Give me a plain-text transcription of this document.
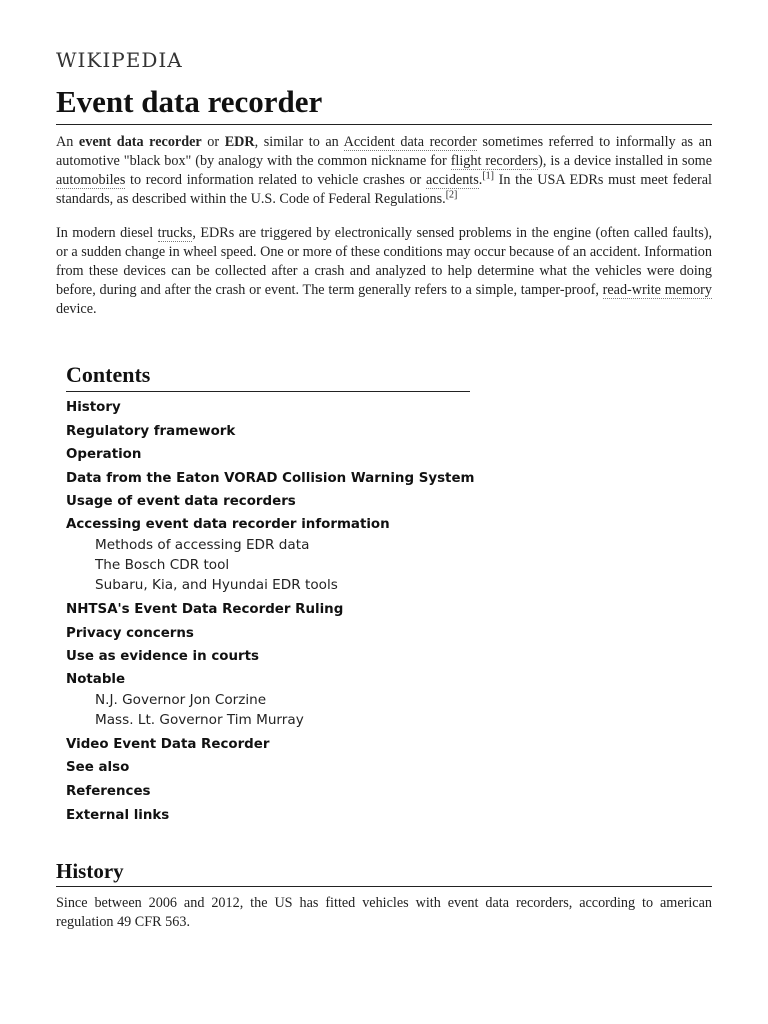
WIKIPEDIA
Event data recorder

An event data recorder or EDR, similar to an Accident data recorder sometimes referred to informally as an automotive "black box" (by analogy with the common nickname for flight recorders), is a device installed in some automobiles to record information related to vehicle crashes or accidents.[1] In the USA EDRs must meet federal standards, as described within the U.S. Code of Federal Regulations.[2]

In modern diesel trucks, EDRs are triggered by electronically sensed problems in the engine (often called faults), or a sudden change in wheel speed. One or more of these conditions may occur because of an accident. Information from these devices can be collected after a crash and analyzed to help determine what the vehicles were doing before, during and after the crash or event. The term generally refers to a simple, tamper-proof, read-write memory device.

Contents
History
Regulatory framework
Operation
Data from the Eaton VORAD Collision Warning System
Usage of event data recorders
Accessing event data recorder information
Methods of accessing EDR data
The Bosch CDR tool
Subaru, Kia, and Hyundai EDR tools
NHTSA's Event Data Recorder Ruling
Privacy concerns
Use as evidence in courts
Notable
N.J. Governor Jon Corzine
Mass. Lt. Governor Tim Murray
Video Event Data Recorder
See also
References
External links
History

Since between 2006 and 2012, the US has fitted vehicles with event data recorders, according to american regulation 49 CFR 563.
